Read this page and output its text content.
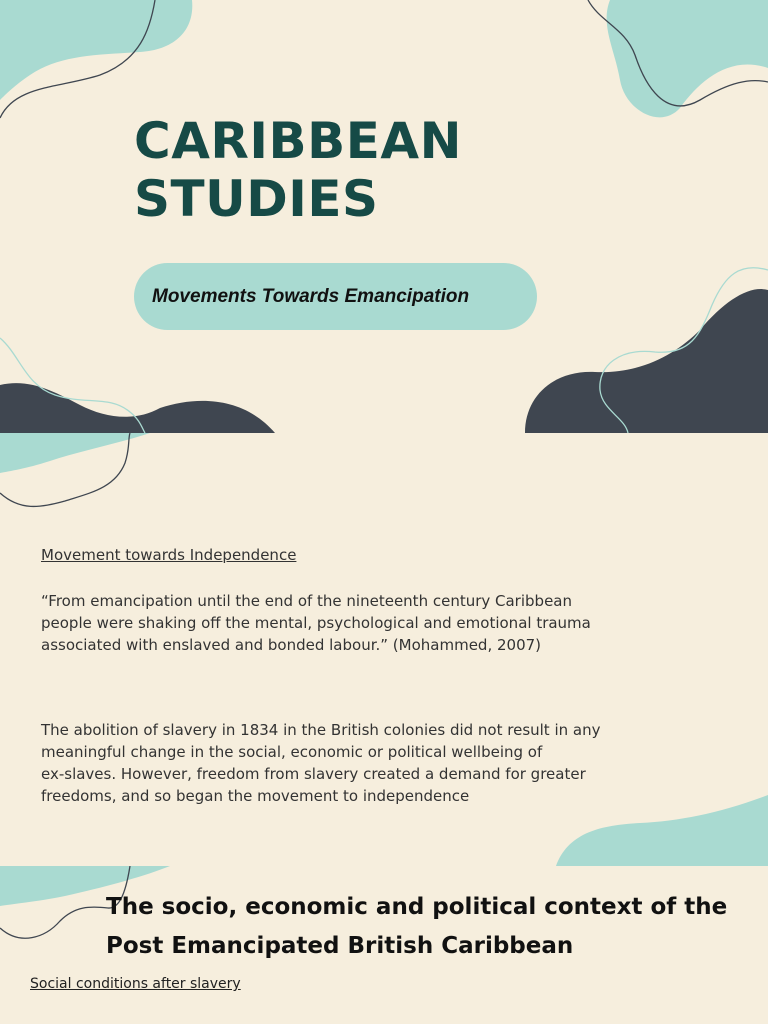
CARIBBEAN
STUDIES
Movements Towards Emancipation

Movement towards Independence

“From emancipation until the end of the nineteenth century Caribbean
people were shaking off the mental, psychological and emotional trauma
associated with enslaved and bonded labour.” (Mohammed, 2007)

The abolition of slavery in 1834 in the British colonies did not result in any
meaningful change in the social, economic or political wellbeing of
ex-slaves. However, freedom from slavery created a demand for greater
freedoms, and so began the movement to independence

The socio, economic and political context of the
Post Emancipated British Caribbean

Social conditions after slavery
